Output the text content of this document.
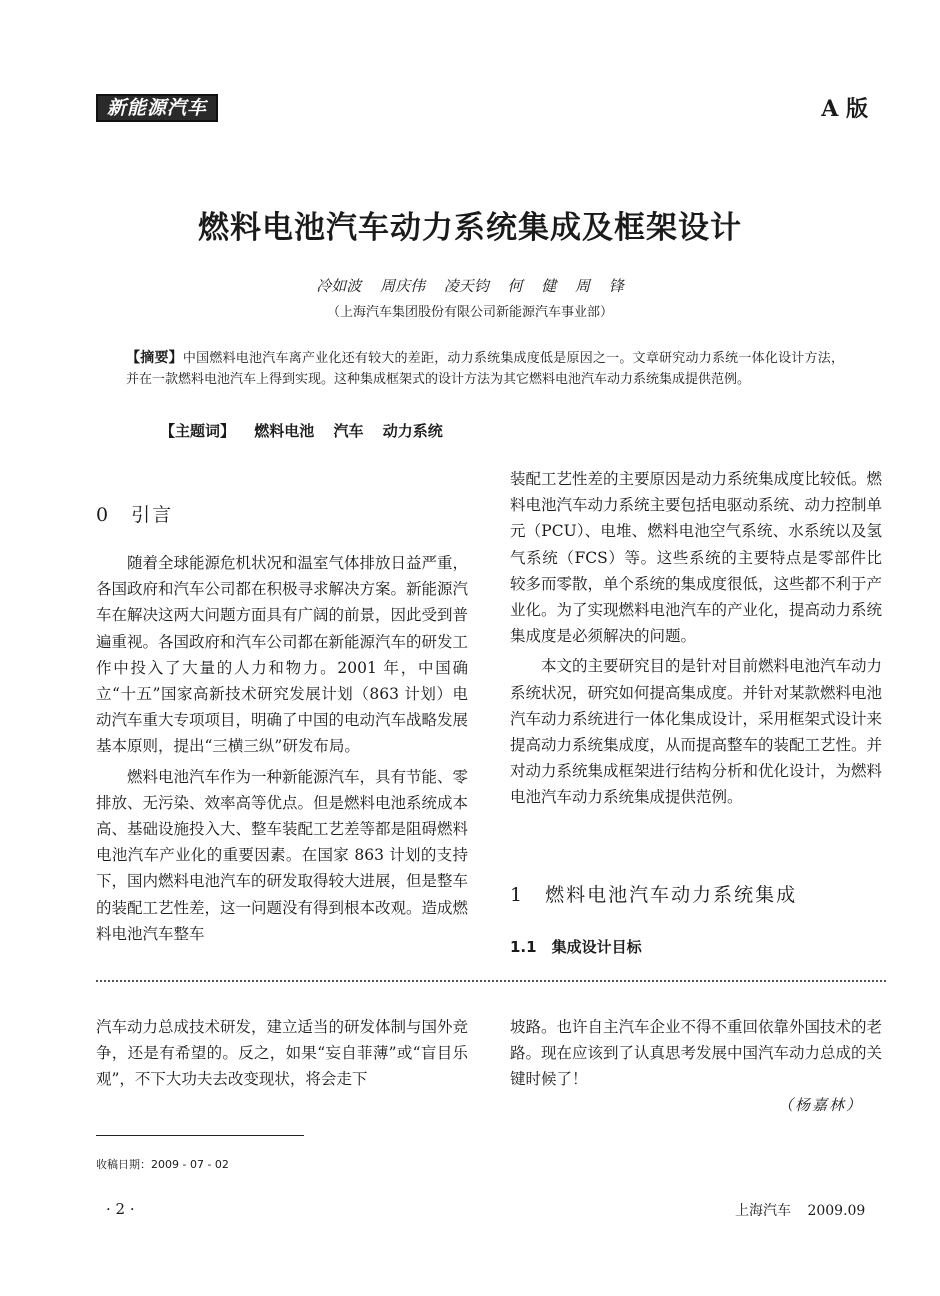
新能源汽车	A 版
燃料电池汽车动力系统集成及框架设计
冷如波 周庆伟 凌天钧 何 健 周 锋
（上海汽车集团股份有限公司新能源汽车事业部）
【摘要】中国燃料电池汽车离产业化还有较大的差距，动力系统集成度低是原因之一。文章研究动力系统一体化设计方法，并在一款燃料电池汽车上得到实现。这种集成框架式的设计方法为其它燃料电池汽车动力系统集成提供范例。
【主题词】 燃料电池 汽车 动力系统
0　引言

随着全球能源危机状况和温室气体排放日益严重，各国政府和汽车公司都在积极寻求解决方案。新能源汽车在解决这两大问题方面具有广阔的前景，因此受到普遍重视。各国政府和汽车公司都在新能源汽车的研发工作中投入了大量的人力和物力。2001 年，中国确立“十五”国家高新技术研究发展计划（863 计划）电动汽车重大专项项目，明确了中国的电动汽车战略发展基本原则，提出“三横三纵”研发布局。

燃料电池汽车作为一种新能源汽车，具有节能、零排放、无污染、效率高等优点。但是燃料电池系统成本高、基础设施投入大、整车装配工艺差等都是阻碍燃料电池汽车产业化的重要因素。在国家 863 计划的支持下，国内燃料电池汽车的研发取得较大进展，但是整车的装配工艺性差，这一问题没有得到根本改观。造成燃料电池汽车整车

装配工艺性差的主要原因是动力系统集成度比较低。燃料电池汽车动力系统主要包括电驱动系统、动力控制单元（PCU）、电堆、燃料电池空气系统、水系统以及氢气系统（FCS）等。这些系统的主要特点是零部件比较多而零散，单个系统的集成度很低，这些都不利于产业化。为了实现燃料电池汽车的产业化，提高动力系统集成度是必须解决的问题。

本文的主要研究目的是针对目前燃料电池汽车动力系统状况，研究如何提高集成度。并针对某款燃料电池汽车动力系统进行一体化集成设计，采用框架式设计来提高动力系统集成度，从而提高整车的装配工艺性。并对动力系统集成框架进行结构分析和优化设计，为燃料电池汽车动力系统集成提供范例。

1　燃料电池汽车动力系统集成
1.1　集成设计目标

汽车动力总成技术研发，建立适当的研发体制与国外竞争，还是有希望的。反之，如果“妄自菲薄”或“盲目乐观”，不下大功夫去改变现状，将会走下

坡路。也许自主汽车企业不得不重回依靠外国技术的老路。现在应该到了认真思考发展中国汽车动力总成的关键时候了！

（杨嘉林）
收稿日期：2009 - 07 - 02
· 2 ·	上海汽车 2009.09
